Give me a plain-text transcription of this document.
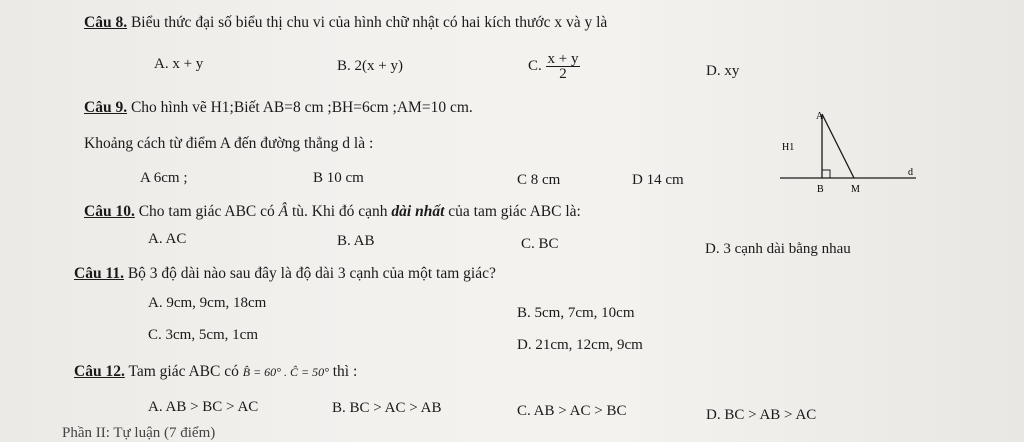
Câu 8. Biểu thức đại số biểu thị chu vi của hình chữ nhật có hai kích thước x và y là
A. x + y	B. 2(x + y)	C. $\frac{x + y}{2}$	D. xy
Câu 9. Cho hình vẽ H1;Biết AB=8 cm ;BH=6cm ;AM=10 cm.
Khoảng cách từ điểm A đến đường thẳng d là :
A 6cm ;	B 10 cm	C 8 cm	D 14 cm
A
H1
d
B	M
Câu 10. Cho tam giác ABC có Â tù. Khi đó cạnh dài nhất của tam giác ABC là:
A. AC	B. AB	C. BC	D. 3 cạnh dài bằng nhau
Câu 11. Bộ 3 độ dài nào sau đây là độ dài 3 cạnh của một tam giác?
A. 9cm, 9cm, 18cm
B. 5cm, 7cm, 10cm
C. 3cm, 5cm, 1cm
D. 21cm, 12cm, 9cm
Câu 12. Tam giác ABC có B̂ = 60° . Ĉ = 50° thì :
A. AB > BC > AC	B. BC > AC > AB	C. AB > AC > BC	D. BC > AB > AC
Phần II: Tự luận (7 điểm)
